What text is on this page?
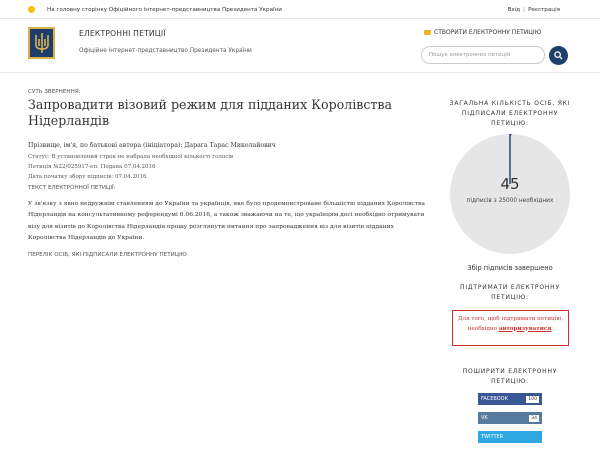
На головну сторінку Офіційного інтернет-представництва Президента України	Вхід | Реєстрація
ЕЛЕКТРОННІ ПЕТИЦІЇ
Офіційне інтернет-представництво Президента України
СТВОРИТИ ЕЛЕКТРОННУ ПЕТИЦІЮ
Пошук електронних петицій
СУТЬ ЗВЕРНЕННЯ:
Запровадити візовий режим для підданих Королівства Нідерландів
Прізвище, ім'я, по батькові автора (ініціатора): Дарага Тарас Миколайович
Статус: В установлений строк не набрала необхідної кількості голосів
Петиція №22/025917-еп. Подана 07.04.2016
Дата початку збору підписів: 07.04.2016
ТЕКСТ ЕЛЕКТРОННОЇ ПЕТИЦІЇ:

У зв'язку з явно недружнім ставленням до України та українців, яке було продемонстроване більшістю підданих Королівства Нідерландів на консультативному референдумі 6.06.2016, а також зважаючи на те, що українцям досі необхідно отримувати візу для візитів до Королівства Нідерландів прошу розглянути питання про запровадження віз для візитів підданих Королівства Нідерландів до України.

ПЕРЕЛІК ОСІБ, ЯКІ ПІДПИСАЛИ ЕЛЕКТРОННУ ПЕТИЦІЮ
ЗАГАЛЬНА КІЛЬКІСТЬ ОСІБ, ЯКІ ПІДПИСАЛИ ЕЛЕКТРОННУ ПЕТИЦІЮ:
45
підписів з 25000 необхідних
Збір підписів завершено
ПІДТРИМАТИ ЕЛЕКТРОННУ ПЕТИЦІЮ:
Для того, щоб підтримати петицію, необхідно авторизуватися.
ПОШИРИТИ ЕЛЕКТРОННУ ПЕТИЦІЮ:
FACEBOOK	100
VK	34
TWITTER
